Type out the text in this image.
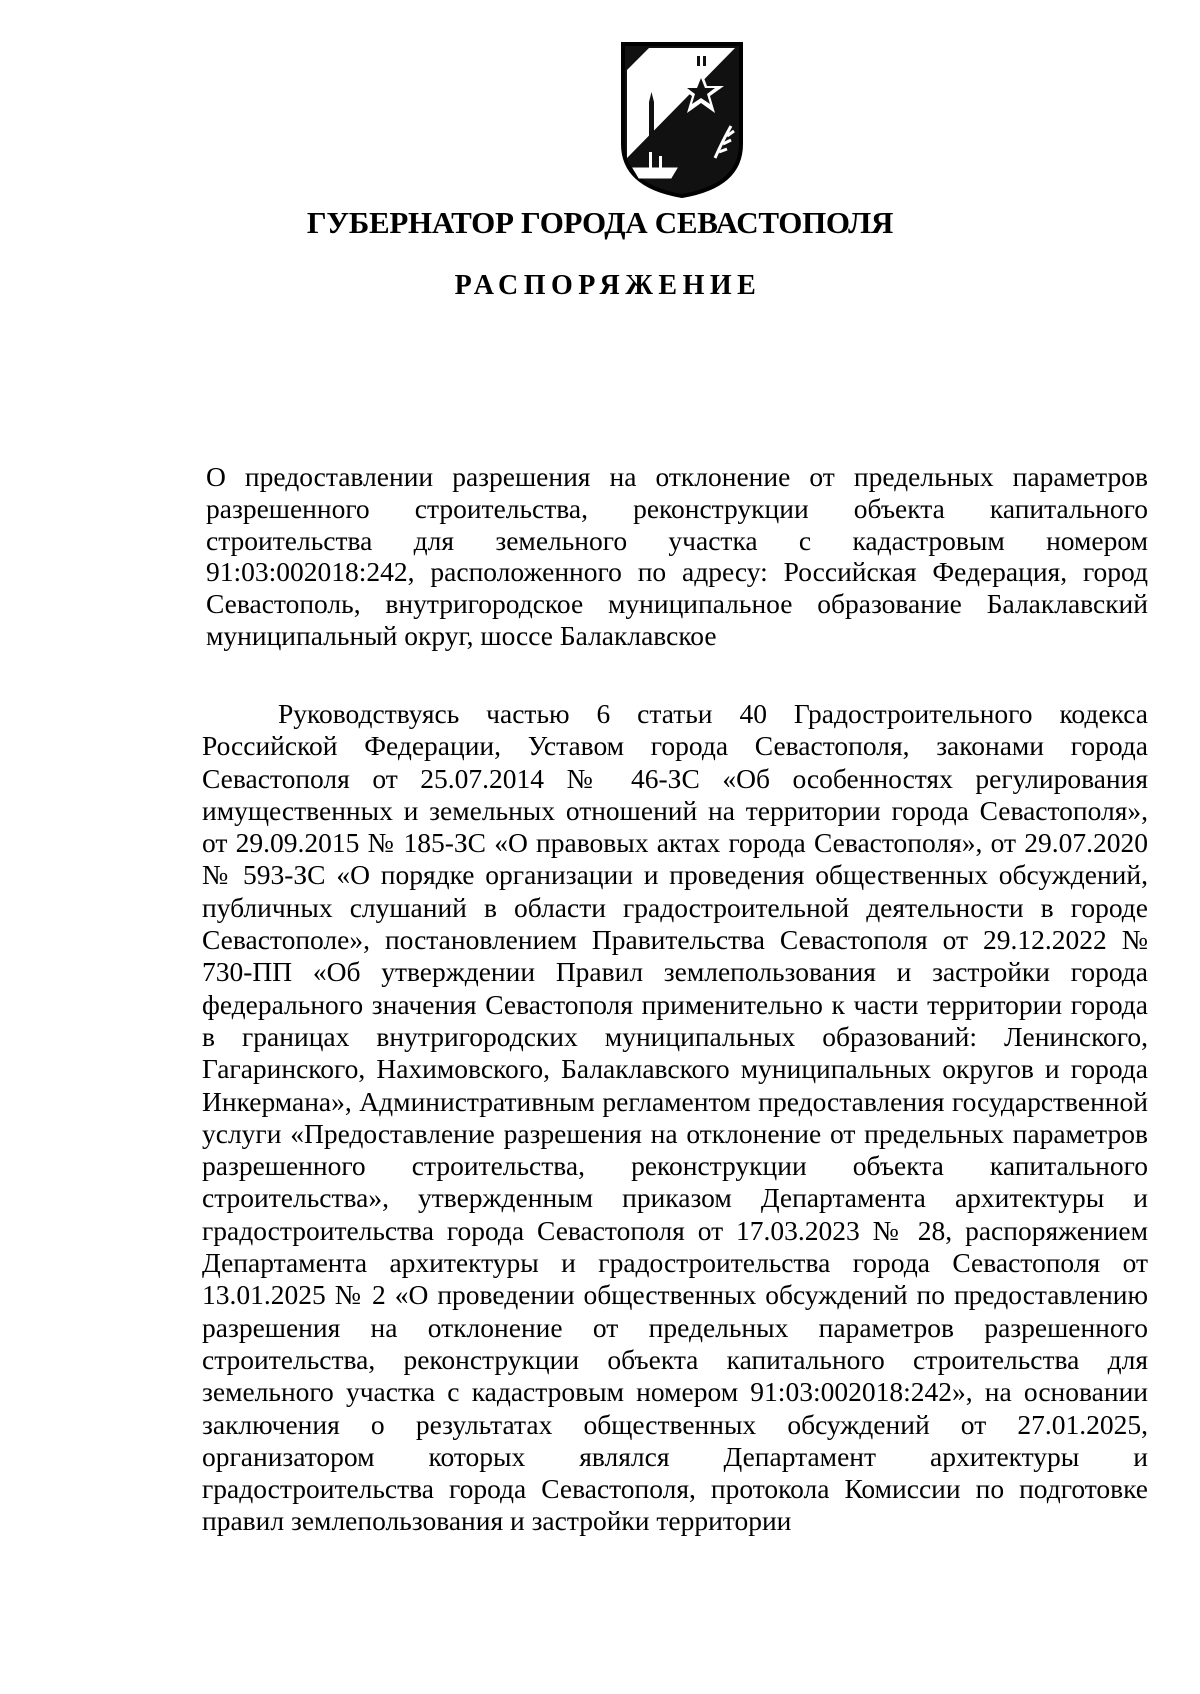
ГУБЕРНАТОР ГОРОДА СЕВАСТОПОЛЯ
РАСПОРЯЖЕНИЕ

О предоставлении разрешения на отклонение от предельных параметров разрешенного строительства, реконструкции объекта капитального строительства для земельного участка с кадастровым номером 91:03:002018:242, расположенного по адресу: Российская Федерация, город Севастополь, внутригородское муниципальное образование Балаклавский муниципальный округ, шоссе Балаклавское

Руководствуясь частью 6 статьи 40 Градостроительного кодекса Российской Федерации, Уставом города Севастополя, законами города Севастополя от 25.07.2014 № 46-ЗС «Об особенностях регулирования имущественных и земельных отношений на территории города Севастополя», от 29.09.2015 № 185-ЗС «О правовых актах города Севастополя», от 29.07.2020 № 593-ЗС «О порядке организации и проведения общественных обсуждений, публичных слушаний в области градостроительной деятельности в городе Севастополе», постановлением Правительства Севастополя от 29.12.2022 № 730-ПП «Об утверждении Правил землепользования и застройки города федерального значения Севастополя применительно к части территории города в границах внутригородских муниципальных образований: Ленинского, Гагаринского, Нахимовского, Балаклавского муниципальных округов и города Инкермана», Административным регламентом предоставления государственной услуги «Предоставление разрешения на отклонение от предельных параметров разрешенного строительства, реконструкции объекта капитального строительства», утвержденным приказом Департамента архитектуры и градостроительства города Севастополя от 17.03.2023 № 28, распоряжением Департамента архитектуры и градостроительства города Севастополя от 13.01.2025 № 2 «О проведении общественных обсуждений по предоставлению разрешения на отклонение от предельных параметров разрешенного строительства, реконструкции объекта капитального строительства для земельного участка с кадастровым номером 91:03:002018:242», на основании заключения о результатах общественных обсуждений от 27.01.2025, организатором которых являлся Департамент архитектуры и градостроительства города Севастополя, протокола Комиссии по подготовке правил землепользования и застройки территории
